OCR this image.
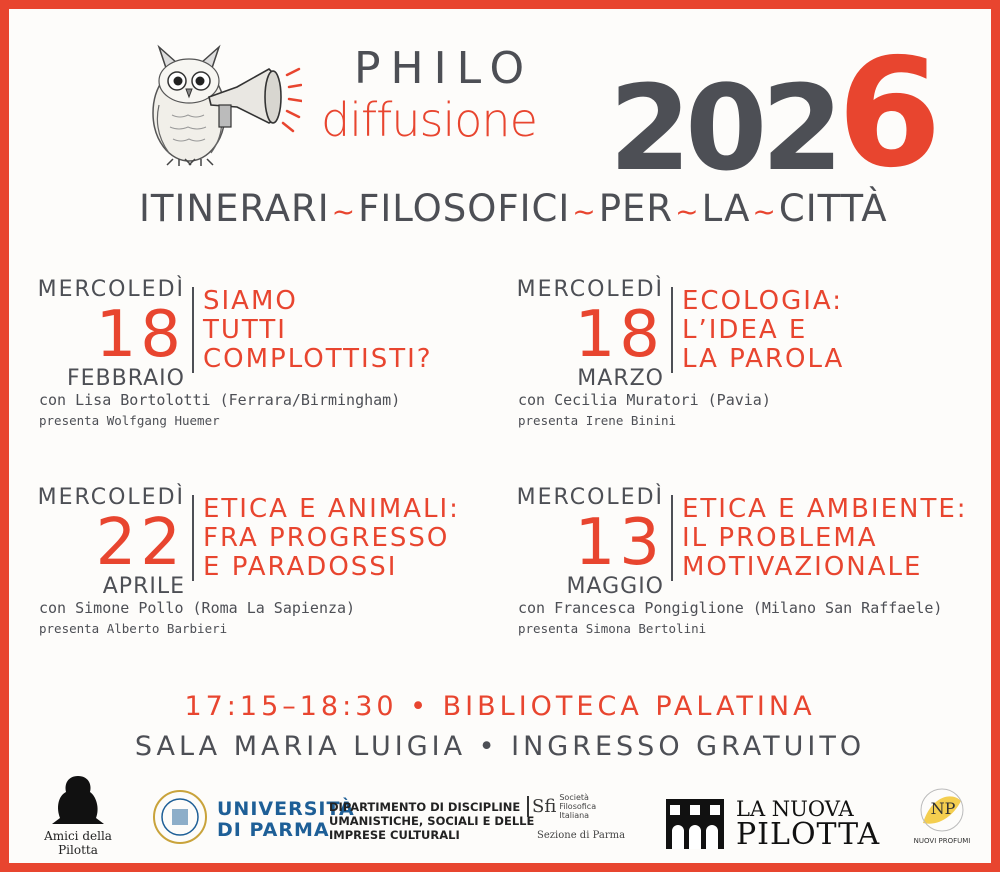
PHILO
diffusione 2026
ITINERARI~FILOSOFICI~PER~LA~CITTÀ
MERCOLEDÌ
18
FEBBRAIO
SIAMO
TUTTI
COMPLOTTISTI?
con Lisa Bortolotti (Ferrara/Birmingham)
presenta Wolfgang Huemer
MERCOLEDÌ
18
MARZO
ECOLOGIA:
L’IDEA E
LA PAROLA
con Cecilia Muratori (Pavia)
presenta Irene Binini
MERCOLEDÌ
22
APRILE
ETICA E ANIMALI:
FRA PROGRESSO
E PARADOSSI
con Simone Pollo (Roma La Sapienza)
presenta Alberto Barbieri
MERCOLEDÌ
13
MAGGIO
ETICA E AMBIENTE:
IL PROBLEMA
MOTIVAZIONALE
con Francesca Pongiglione (Milano San Raffaele)
presenta Simona Bertolini
17:15–18:30 • BIBLIOTECA PALATINA
SALA MARIA LUIGIA • INGRESSO GRATUITO
Amici della Pilotta
UNIVERSITÀ
DI PARMA
DIPARTIMENTO DI DISCIPLINE
UMANISTICHE, SOCIALI E DELLE
IMPRESE CULTURALI
Sfi Società
Filosofica
Italiana
Sezione di Parma
LA NUOVA
PILOTTA
NP
NUOVI PROFUMI
